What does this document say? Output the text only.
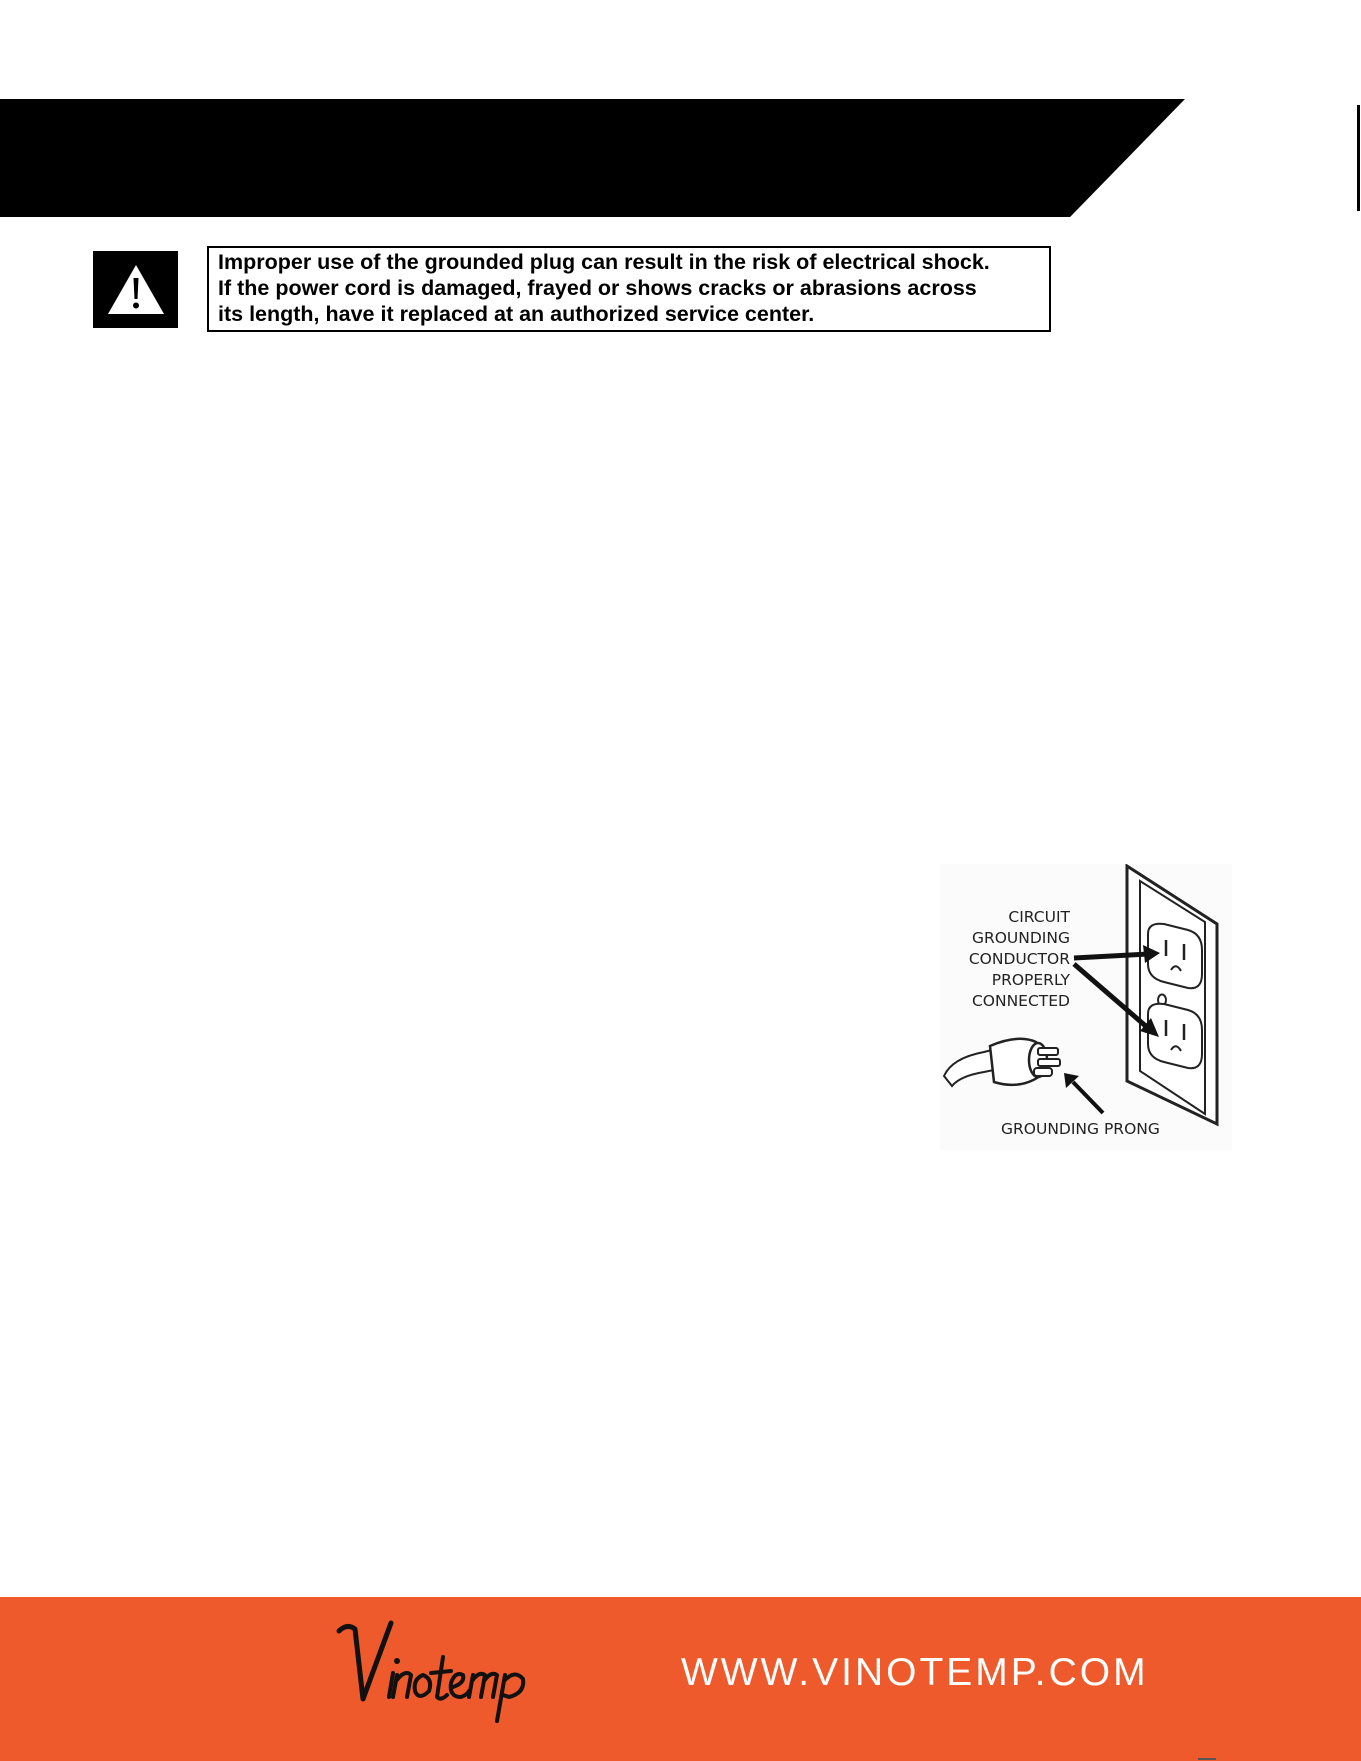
Improper use of the grounded plug can result in the risk of electrical shock.
If the power cord is damaged, frayed or shows cracks or abrasions across
its length, have it replaced at an authorized service center.
CIRCUIT
GROUNDING
CONDUCTOR
PROPERLY
CONNECTED
GROUNDING PRONG
WWW.VINOTEMP.COM
